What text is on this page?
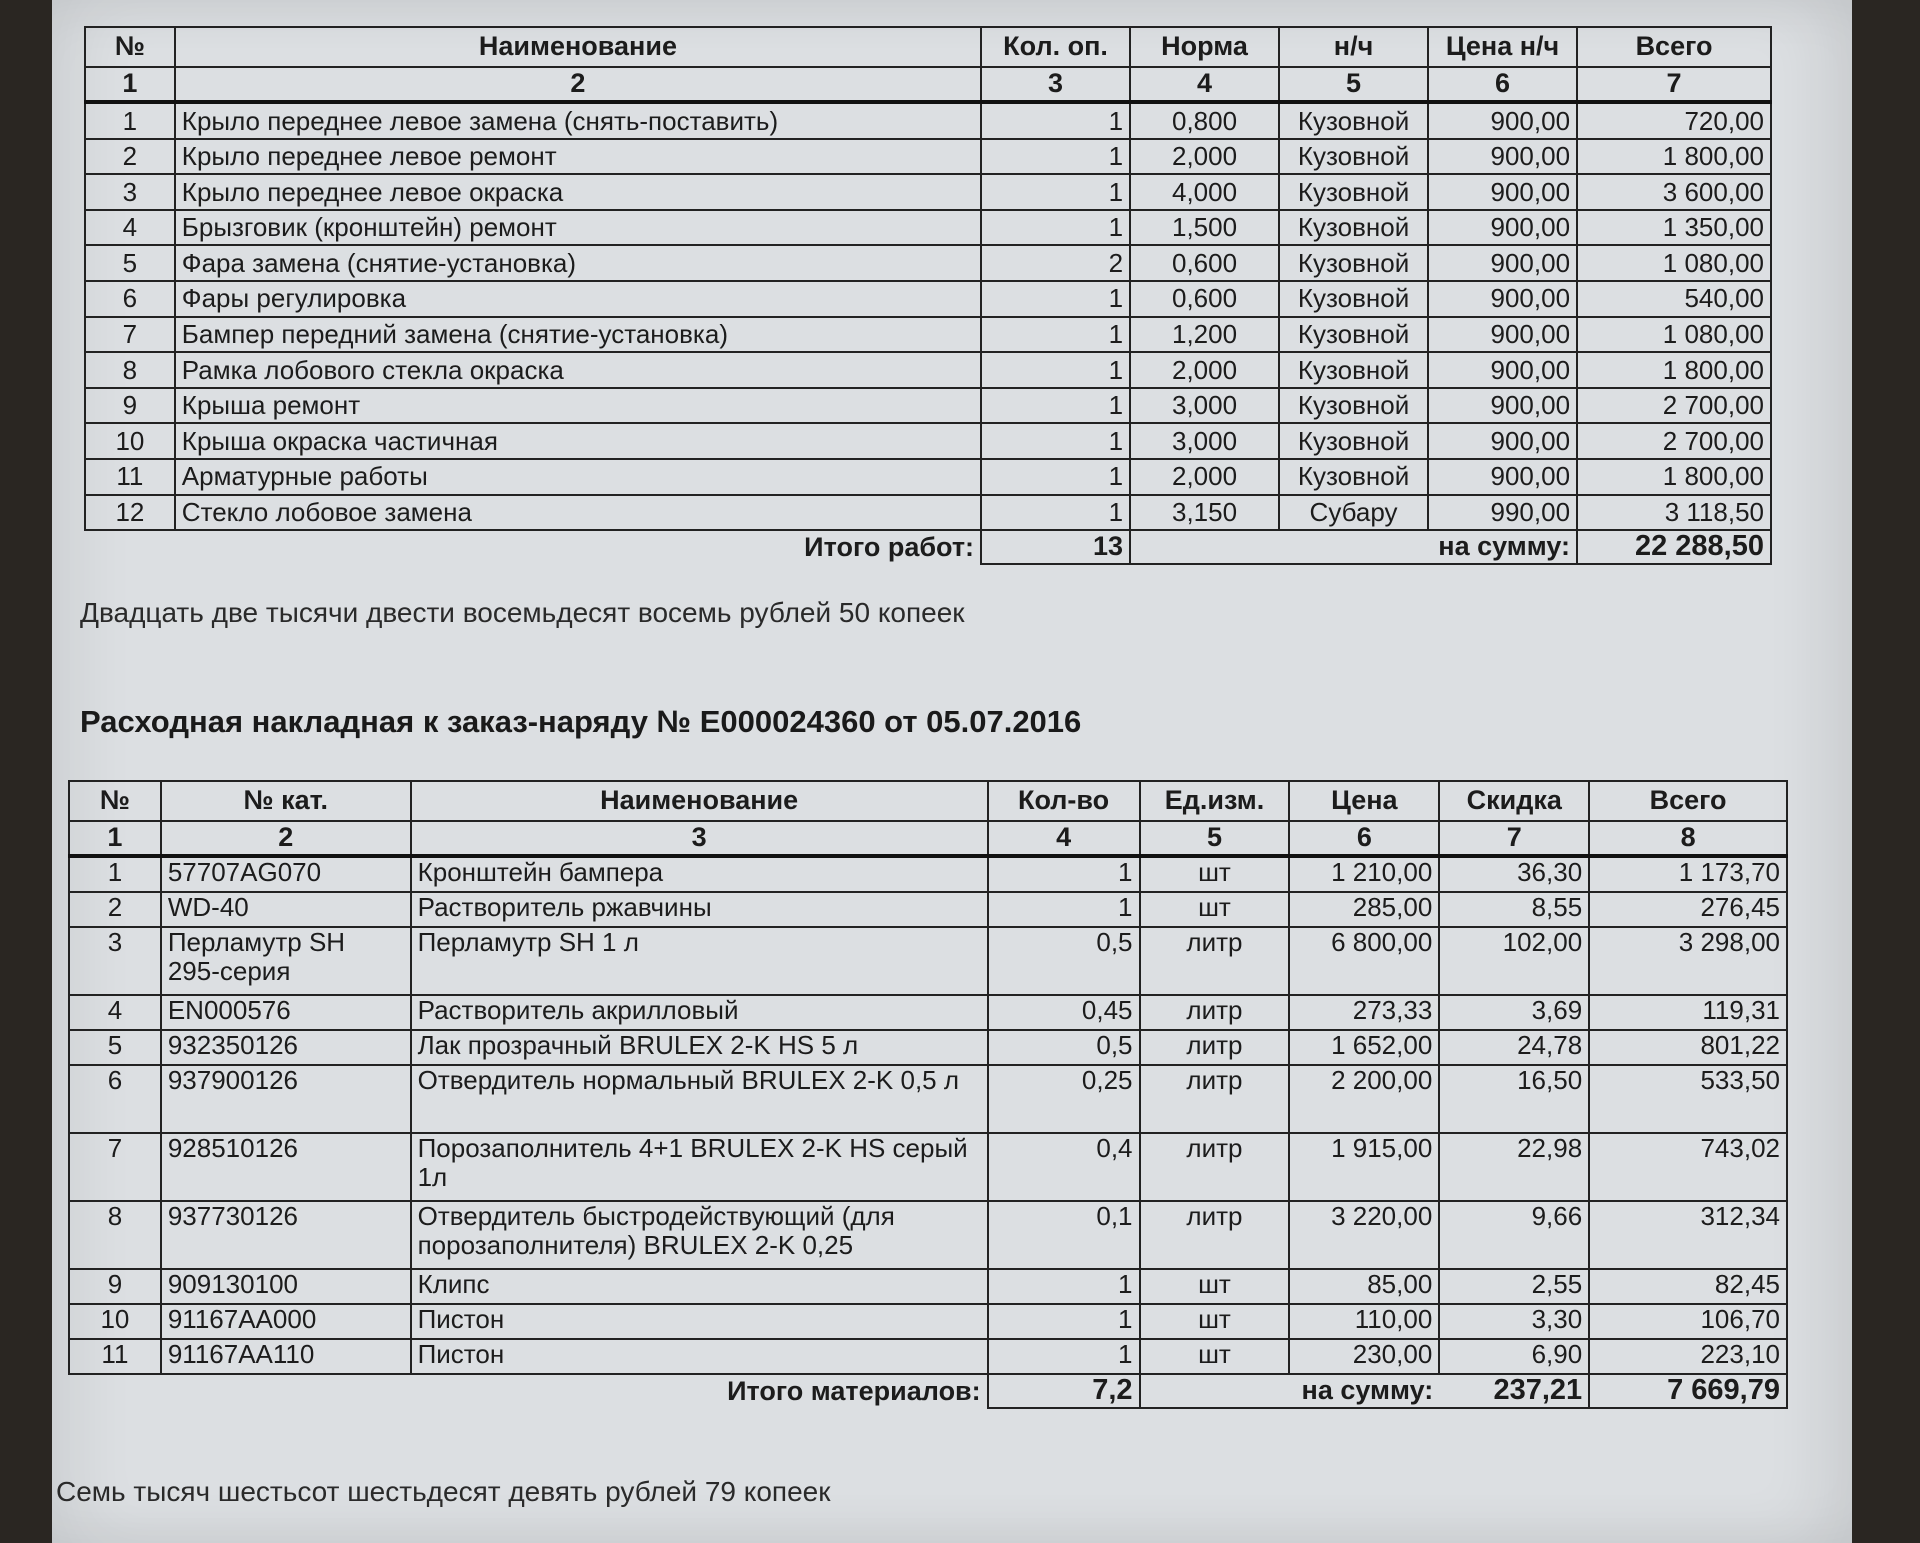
№	Наименование	Кол. оп.	Норма	н/ч	Цена н/ч	Всего
1	2	3	4	5	6	7
1	Крыло переднее левое замена (снять-поставить)	1	0,800	Кузовной	900,00	720,00
2	Крыло переднее левое ремонт	1	2,000	Кузовной	900,00	1 800,00
3	Крыло переднее левое окраска	1	4,000	Кузовной	900,00	3 600,00
4	Брызговик (кронштейн) ремонт	1	1,500	Кузовной	900,00	1 350,00
5	Фара замена (снятие-установка)	2	0,600	Кузовной	900,00	1 080,00
6	Фары регулировка	1	0,600	Кузовной	900,00	540,00
7	Бампер передний замена (снятие-установка)	1	1,200	Кузовной	900,00	1 080,00
8	Рамка лобового стекла окраска	1	2,000	Кузовной	900,00	1 800,00
9	Крыша ремонт	1	3,000	Кузовной	900,00	2 700,00
10	Крыша окраска частичная	1	3,000	Кузовной	900,00	2 700,00
11	Арматурные работы	1	2,000	Кузовной	900,00	1 800,00
12	Стекло лобовое замена	1	3,150	Субару	990,00	3 118,50
Итого работ:		13	на сумму:			22 288,50
Двадцать две тысячи двести восемьдесят восемь рублей 50 копеек
Расходная накладная к заказ-наряду № Е000024360 от 05.07.2016
№	№ кат.	Наименование	Кол-во	Ед.изм.	Цена	Скидка	Всего
1	2	3	4	5	6	7	8
1	57707AG070	Кронштейн бампера	1	шт	1 210,00	36,30	1 173,70
2	WD-40	Растворитель ржавчины	1	шт	285,00	8,55	276,45
3	Перламутр SH 295-серия	Перламутр SH 1 л	0,5	литр	6 800,00	102,00	3 298,00
4	EN000576	Растворитель акрилловый	0,45	литр	273,33	3,69	119,31
5	932350126	Лак прозрачный BRULEX 2-K HS 5 л	0,5	литр	1 652,00	24,78	801,22
6	937900126	Отвердитель нормальный BRULEX 2-K 0,5 л	0,25	литр	2 200,00	16,50	533,50
7	928510126	Порозаполнитель 4+1 BRULEX 2-K HS серый 1л	0,4	литр	1 915,00	22,98	743,02
8	937730126	Отвердитель быстродействующий (для порозаполнителя) BRULEX 2-K 0,25	0,1	литр	3 220,00	9,66	312,34
9	909130100	Клипс	1	шт	85,00	2,55	82,45
10	91167AA000	Пистон	1	шт	110,00	3,30	106,70
11	91167AA110	Пистон	1	шт	230,00	6,90	223,10
Итого материалов:			7,2	на сумму:		237,21	7 669,79
Семь тысяч шестьсот шестьдесят девять рублей 79 копеек
